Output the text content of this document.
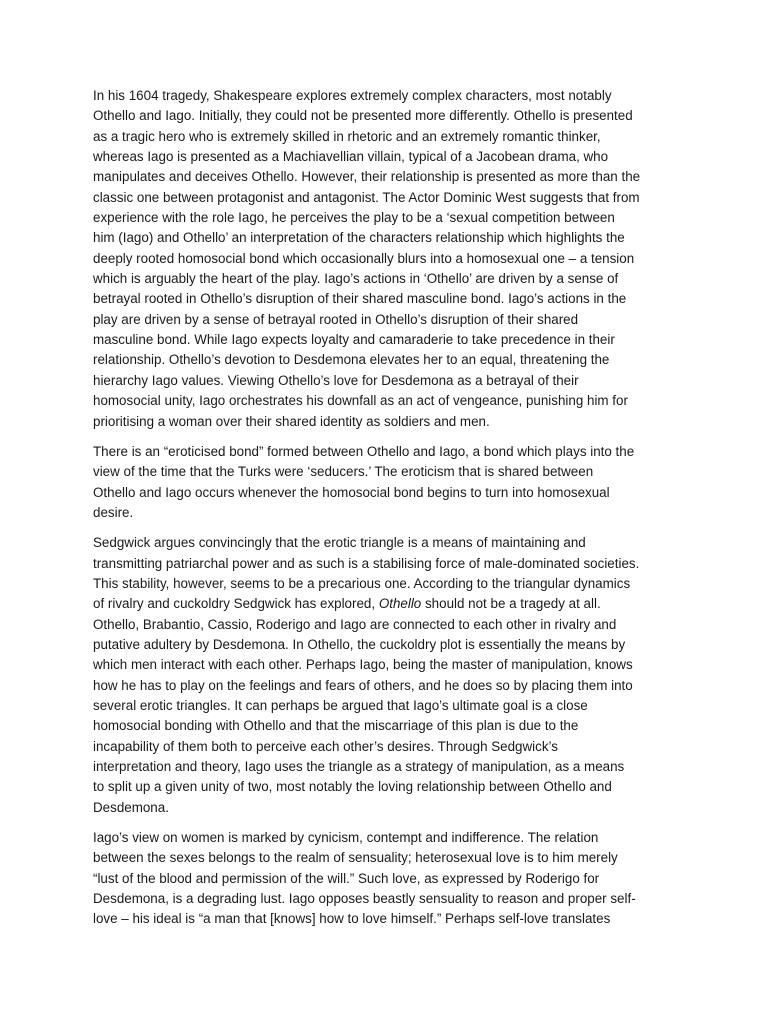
In his 1604 tragedy, Shakespeare explores extremely complex characters, most notably
Othello and Iago. Initially, they could not be presented more differently. Othello is presented
as a tragic hero who is extremely skilled in rhetoric and an extremely romantic thinker,
whereas Iago is presented as a Machiavellian villain, typical of a Jacobean drama, who
manipulates and deceives Othello. However, their relationship is presented as more than the
classic one between protagonist and antagonist. The Actor Dominic West suggests that from
experience with the role Iago, he perceives the play to be a ‘sexual competition between
him (Iago) and Othello’ an interpretation of the characters relationship which highlights the
deeply rooted homosocial bond which occasionally blurs into a homosexual one – a tension
which is arguably the heart of the play. Iago’s actions in ‘Othello’ are driven by a sense of
betrayal rooted in Othello’s disruption of their shared masculine bond. Iago’s actions in the
play are driven by a sense of betrayal rooted in Othello’s disruption of their shared
masculine bond. While Iago expects loyalty and camaraderie to take precedence in their
relationship. Othello’s devotion to Desdemona elevates her to an equal, threatening the
hierarchy Iago values. Viewing Othello’s love for Desdemona as a betrayal of their
homosocial unity, Iago orchestrates his downfall as an act of vengeance, punishing him for
prioritising a woman over their shared identity as soldiers and men.

There is an “eroticised bond” formed between Othello and Iago, a bond which plays into the
view of the time that the Turks were ‘seducers.’ The eroticism that is shared between
Othello and Iago occurs whenever the homosocial bond begins to turn into homosexual
desire.

Sedgwick argues convincingly that the erotic triangle is a means of maintaining and
transmitting patriarchal power and as such is a stabilising force of male-dominated societies.
This stability, however, seems to be a precarious one. According to the triangular dynamics
of rivalry and cuckoldry Sedgwick has explored, Othello should not be a tragedy at all.
Othello, Brabantio, Cassio, Roderigo and Iago are connected to each other in rivalry and
putative adultery by Desdemona. In Othello, the cuckoldry plot is essentially the means by
which men interact with each other. Perhaps Iago, being the master of manipulation, knows
how he has to play on the feelings and fears of others, and he does so by placing them into
several erotic triangles. It can perhaps be argued that Iago’s ultimate goal is a close
homosocial bonding with Othello and that the miscarriage of this plan is due to the
incapability of them both to perceive each other’s desires. Through Sedgwick’s
interpretation and theory, Iago uses the triangle as a strategy of manipulation, as a means
to split up a given unity of two, most notably the loving relationship between Othello and
Desdemona.

Iago’s view on women is marked by cynicism, contempt and indifference. The relation
between the sexes belongs to the realm of sensuality; heterosexual love is to him merely
“lust of the blood and permission of the will.” Such love, as expressed by Roderigo for
Desdemona, is a degrading lust. Iago opposes beastly sensuality to reason and proper self-
love – his ideal is “a man that [knows] how to love himself.” Perhaps self-love translates
